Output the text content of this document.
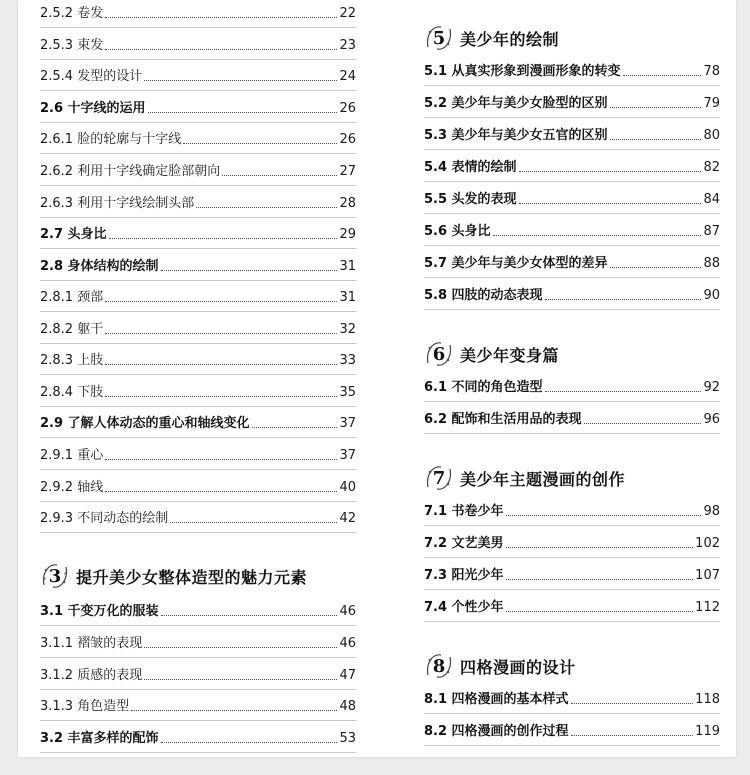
2.5.2 卷发	22
2.5.3 束发	23
2.5.4 发型的设计	24
2.6 十字线的运用	26
2.6.1 脸的轮廓与十字线	26
2.6.2 利用十字线确定脸部朝向	27
2.6.3 利用十字线绘制头部	28
2.7 头身比	29
2.8 身体结构的绘制	31
2.8.1 颈部	31
2.8.2 躯干	32
2.8.3 上肢	33
2.8.4 下肢	35
2.9 了解人体动态的重心和轴线变化	37
2.9.1 重心	37
2.9.2 轴线	40
2.9.3 不同动态的绘制	42
3 提升美少女整体造型的魅力元素
3.1 千变万化的服装	46
3.1.1 褶皱的表现	46
3.1.2 质感的表现	47
3.1.3 角色造型	48
3.2 丰富多样的配饰	53
5 美少年的绘制
5.1 从真实形象到漫画形象的转变	78
5.2 美少年与美少女脸型的区别	79
5.3 美少年与美少女五官的区别	80
5.4 表情的绘制	82
5.5 头发的表现	84
5.6 头身比	87
5.7 美少年与美少女体型的差异	88
5.8 四肢的动态表现	90
6 美少年变身篇
6.1 不同的角色造型	92
6.2 配饰和生活用品的表现	96
7 美少年主题漫画的创作
7.1 书卷少年	98
7.2 文艺美男	102
7.3 阳光少年	107
7.4 个性少年	112
8 四格漫画的设计
8.1 四格漫画的基本样式	118
8.2 四格漫画的创作过程	119
